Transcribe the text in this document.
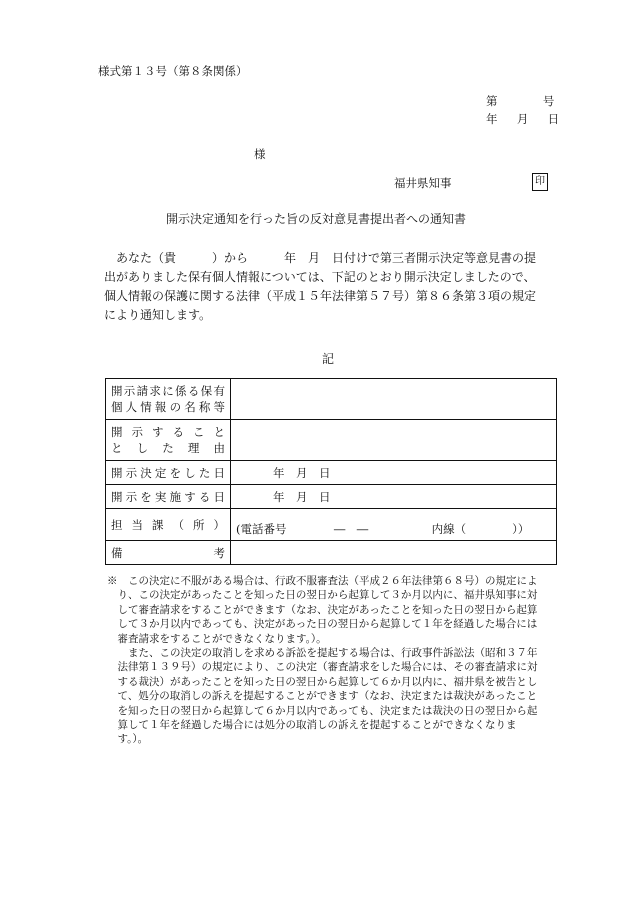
様式第１３号（第８条関係）
第	号
年 月 日
様
福井県知事	印
開示決定通知を行った旨の反対意見書提出者への通知書
あなた（貴　　　）から　　　年　月　日付けで第三者開示決定等意見書の提
出がありました保有個人情報については、下記のとおり開示決定しましたので、
個人情報の保護に関する法律（平成１５年法律第５７号）第８６条第３項の規定
により通知します。
記
開示請求に係る保有
個人情報の名称等	

開示すること
とした理由	

開示決定をした日	年　月　日
開示を実施する日	年　月　日
担当課（所）	(電話番号 ―　― 内線（　　　　））
備考	
※　この決定に不服がある場合は、行政不服審査法（平成２６年法律第６８号）の規定によ
　り、この決定があったことを知った日の翌日から起算して３か月以内に、福井県知事に対
　して審査請求をすることができます（なお、決定があったことを知った日の翌日から起算
　して３か月以内であっても、決定があった日の翌日から起算して１年を経過した場合には
　審査請求をすることができなくなります。）。
　　また、この決定の取消しを求める訴訟を提起する場合は、行政事件訴訟法（昭和３７年
　法律第１３９号）の規定により、この決定（審査請求をした場合には、その審査請求に対
　する裁決）があったことを知った日の翌日から起算して６か月以内に、福井県を被告とし
　て、処分の取消しの訴えを提起することができます（なお、決定または裁決があったこと
　を知った日の翌日から起算して６か月以内であっても、決定または裁決の日の翌日から起
　算して１年を経過した場合には処分の取消しの訴えを提起することができなくなりま
　す。）。
